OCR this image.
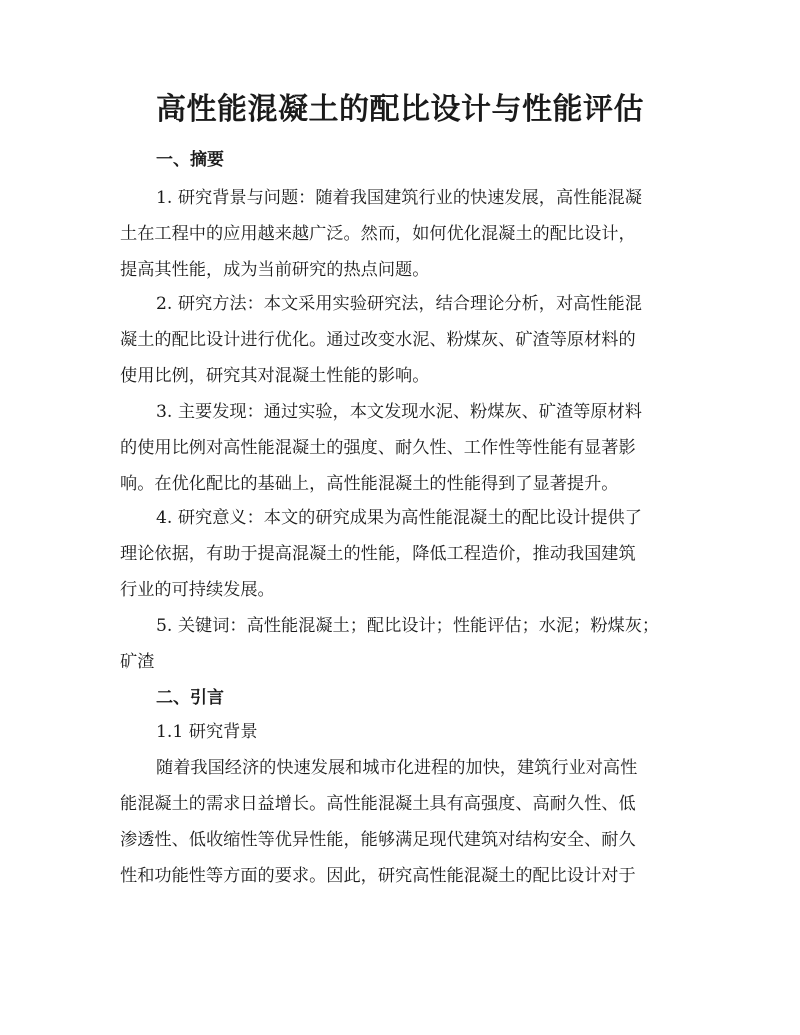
高性能混凝土的配比设计与性能评估
一、摘要
1. 研究背景与问题：随着我国建筑行业的快速发展，高性能混凝
土在工程中的应用越来越广泛。然而，如何优化混凝土的配比设计，
提高其性能，成为当前研究的热点问题。
2. 研究方法：本文采用实验研究法，结合理论分析，对高性能混
凝土的配比设计进行优化。通过改变水泥、粉煤灰、矿渣等原材料的
使用比例，研究其对混凝土性能的影响。
3. 主要发现：通过实验，本文发现水泥、粉煤灰、矿渣等原材料
的使用比例对高性能混凝土的强度、耐久性、工作性等性能有显著影
响。在优化配比的基础上，高性能混凝土的性能得到了显著提升。
4. 研究意义：本文的研究成果为高性能混凝土的配比设计提供了
理论依据，有助于提高混凝土的性能，降低工程造价，推动我国建筑
行业的可持续发展。
5. 关键词：高性能混凝土；配比设计；性能评估；水泥；粉煤灰；
矿渣
二、引言

1.1 研究背景

随着我国经济的快速发展和城市化进程的加快，建筑行业对高性
能混凝土的需求日益增长。高性能混凝土具有高强度、高耐久性、低
渗透性、低收缩性等优异性能，能够满足现代建筑对结构安全、耐久
性和功能性等方面的要求。因此，研究高性能混凝土的配比设计对于
